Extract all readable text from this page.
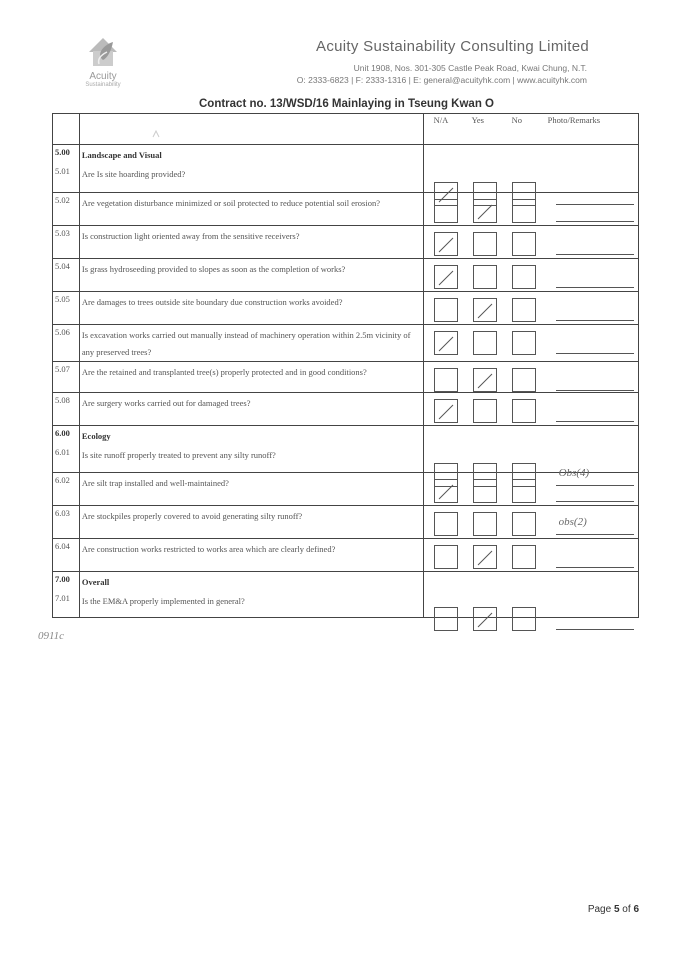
Acuity
Sustainability
Acuity Sustainability Consulting Limited
Unit 1908, Nos. 301-305 Castle Peak Road, Kwai Chung, N.T.
O: 2333-6823 | F: 2333-1316 | E: general@acuityhk.com | www.acuityhk.com
Contract no. 13/WSD/16 Mainlaying in Tseung Kwan O

N/A Yes No Photo/Remarks

5.00	Landscape and Visual	
5.01	Are Is site hoarding provided?	

5.02	Are vegetation disturbance minimized or soil protected to reduce potential soil erosion?	

5.03	Is construction light oriented away from the sensitive receivers?	

5.04	Is grass hydroseeding provided to slopes as soon as the completion of works?	

5.05	Are damages to trees outside site boundary due construction works avoided?	

5.06	Is excavation works carried out manually instead of machinery operation within 2.5m vicinity of any preserved trees?	

5.07	Are the retained and transplanted tree(s) properly protected and in good conditions?	

5.08	Are surgery works carried out for damaged trees?	

6.00	Ecology	
6.01	Is site runoff properly treated to prevent any silty runoff?	Obs(4)

6.02	Are silt trap installed and well-maintained?	

6.03	Are stockpiles properly covered to avoid generating silty runoff?	obs(2)

6.04	Are construction works restricted to works area which are clearly defined?	

7.00	Overall	
7.01	Is the EM&A properly implemented in general?	
0911c
Page 5 of 6
